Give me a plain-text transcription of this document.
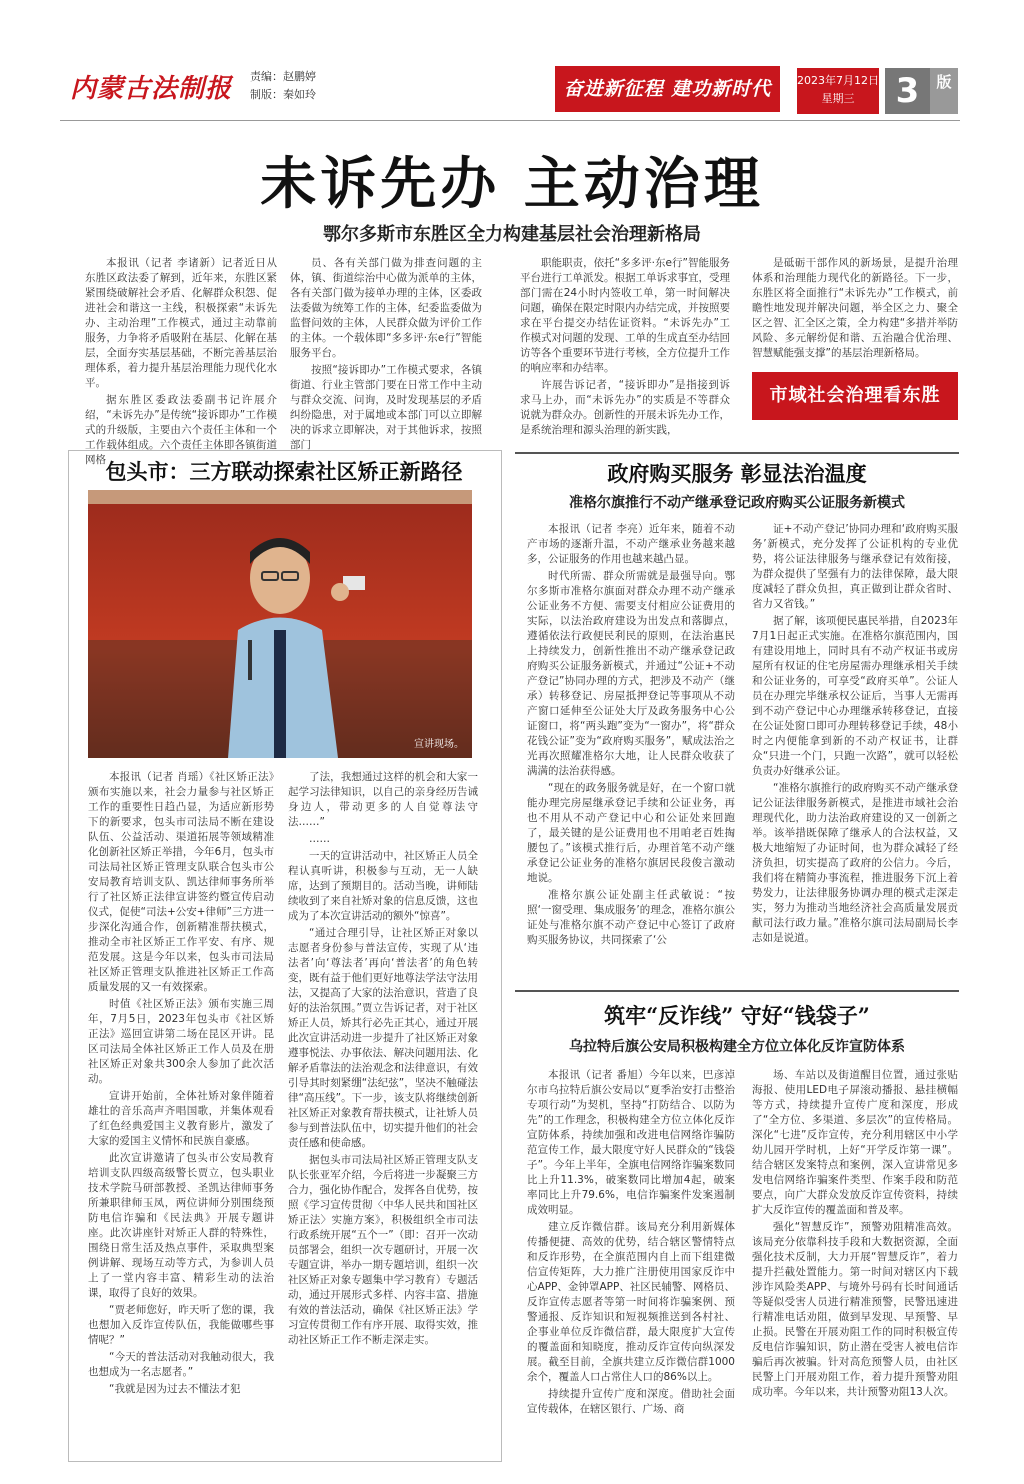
内蒙古法制报	责编：赵鹏婷
制版：秦如玲	奋进新征程 建功新时代	2023年7月12日
星期三	3	版
未诉先办 主动治理
鄂尔多斯市东胜区全力构建基层社会治理新格局

本报讯（记者 李诸新）记者近日从东胜区政法委了解到，近年来，东胜区紧紧围绕破解社会矛盾、化解群众积怨、促进社会和谐这一主线，积极探索“未诉先办、主动治理”工作模式，通过主动靠前服务，力争将矛盾吸附在基层、化解在基层，全面夯实基层基础，不断完善基层治理体系，着力提升基层治理能力现代化水平。

据东胜区委政法委副书记许展介绍，“未诉先办”是传统“接诉即办”工作模式的升级版，主要由六个责任主体和一个工作载体组成。六个责任主体即各镇街道网格

员、各有关部门做为排查问题的主体，镇、街道综治中心做为派单的主体，各有关部门做为接单办理的主体，区委政法委做为统筹工作的主体，纪委监委做为监督问效的主体，人民群众做为评价工作的主体。一个载体即“多多评·东e行”智能服务平台。

按照“接诉即办”工作模式要求，各镇街道、行业主管部门要在日常工作中主动与群众交流、问询，及时发现基层的矛盾纠纷隐患，对于属地或本部门可以立即解决的诉求立即解决，对于其他诉求，按照部门

职能职责，依托“多多评·东e行”智能服务平台进行工单派发。根据工单诉求事宜，受理部门需在24小时内签收工单，第一时间解决问题，确保在限定时限内办结完成，并按照要求在平台提交办结佐证资料。“未诉先办”工作模式对问题的发现、工单的生成直至办结回访等各个重要环节进行考核，全方位提升工作的响应率和办结率。

许展告诉记者，“接诉即办”是指接到诉求马上办，而“未诉先办”的实质是不等群众说就为群众办。创新性的开展未诉先办工作，是系统治理和源头治理的新实践，

是砥砺干部作风的新场景，是提升治理体系和治理能力现代化的新路径。下一步，东胜区将全面推行“未诉先办”工作模式，前瞻性地发现并解决问题，举全区之力、聚全区之智、汇全区之策，全力构建“多措并举防风险、多元解纷促和谐、五治融合优治理、智慧赋能强支撑”的基层治理新格局。

市域社会治理看东胜
包头市：三方联动探索社区矫正新路径
宣讲现场。

本报讯（记者 肖瑶）《社区矫正法》颁布实施以来，社会力量参与社区矫正工作的重要性日趋凸显，为适应新形势下的新要求，包头市司法局不断在建设队伍、公益活动、渠道拓展等领域精准化创新社区矫正举措，今年6月，包头市司法局社区矫正管理支队联合包头市公安局教育培训支队、凯达律师事务所举行了社区矫正法律宣讲签约暨宣传启动仪式，促使“司法+公安+律师”三方进一步深化沟通合作，创新精准帮扶模式，推动全市社区矫正工作平安、有序、规范发展。这是今年以来，包头市司法局社区矫正管理支队推进社区矫正工作高质量发展的又一有效探索。

时值《社区矫正法》颁布实施三周年，7月5日，2023年包头市《社区矫正法》巡回宣讲第二场在昆区开讲。昆区司法局全体社区矫正工作人员及在册社区矫正对象共300余人参加了此次活动。

宣讲开始前，全体社矫对象伴随着雄壮的音乐高声齐唱国歌，并集体观看了红色经典爱国主义教育影片，激发了大家的爱国主义情怀和民族自豪感。

此次宣讲邀请了包头市公安局教育培训支队四级高级警长贾立，包头职业技术学院马研部教授、圣凯达律师事务所兼职律师玉凤，两位讲师分别围绕预防电信诈骗和《民法典》开展专题讲座。此次讲座针对矫正人群的特殊性，围绕日常生活及热点事件，采取典型案例讲解、现场互动等方式，为参训人员上了一堂内容丰富、精彩生动的法治课，取得了良好的效果。

“贾老师您好，昨天听了您的课，我也想加入反诈宣传队伍，我能做哪些事情呢？”

“今天的普法活动对我触动很大，我也想成为一名志愿者。”

“我就是因为过去不懂法才犯

了法，我想通过这样的机会和大家一起学习法律知识，以自己的亲身经历告诫身边人，带动更多的人自觉尊法守法……”

……

一天的宣讲活动中，社区矫正人员全程认真听讲，积极参与互动，无一人缺席，达到了预期目的。活动当晚，讲师陆续收到了来自社矫对象的信息反馈，这也成为了本次宣讲活动的额外“惊喜”。

“通过合理引导，让社区矫正对象以志愿者身份参与普法宣传，实现了从‘违法者’向‘尊法者’再向‘普法者’的角色转变，既有益于他们更好地尊法学法守法用法，又提高了大家的法治意识，营造了良好的法治氛围。”贾立告诉记者，对于社区矫正人员，矫其行必先正其心，通过开展此次宣讲活动进一步提升了社区矫正对象遵事悦法、办事依法、解决问题用法、化解矛盾靠法的法治观念和法律意识，有效引导其时刻紧绷“法纪弦”，坚决不触碰法律“高压线”。下一步，该支队将继续创新社区矫正对象教育帮扶模式，让社矫人员参与到普法队伍中，切实提升他们的社会责任感和使命感。

据包头市司法局社区矫正管理支队支队长张亚军介绍，今后将进一步凝聚三方合力，强化协作配合，发挥各自优势，按照《学习宣传贯彻〈中华人民共和国社区矫正法〉实施方案》，积极组织全市司法行政系统开展“五个一”（即：召开一次动员部署会，组织一次专题研讨，开展一次专题宣讲，举办一期专题培训，组织一次社区矫正对象专题集中学习教育）专题活动，通过开展形式多样、内容丰富、措施有效的普法活动，确保《社区矫正法》学习宣传贯彻工作有序开展、取得实效，推动社区矫正工作不断走深走实。

政府购买服务 彰显法治温度
准格尔旗推行不动产继承登记政府购买公证服务新模式

本报讯（记者 李亮）近年来，随着不动产市场的逐渐升温，不动产继承业务越来越多，公证服务的作用也越来越凸显。

时代所需、群众所需就是最强导向。鄂尔多斯市准格尔旗面对群众办理不动产继承公证业务不方便、需要支付相应公证费用的实际，以法治政府建设为出发点和落脚点，遵循依法行政便民利民的原则，在法治惠民上持续发力，创新性推出不动产继承登记政府购买公证服务新模式，并通过“公证+不动产登记”协同办理的方式，把涉及不动产（继承）转移登记、房屋抵押登记等事项从不动产窗口延伸至公证处大厅及政务服务中心公证窗口，将“两头跑”变为“一窗办”，将“群众花钱公证”变为“政府购买服务”，赋成法治之光再次照耀准格尔大地，让人民群众收获了满满的法治获得感。

“现在的政务服务就是好，在一个窗口就能办理完房屋继承登记手续和公证业务，再也不用从不动产登记中心和公证处来回跑了，最关键的是公证费用也不用咱老百姓掏腰包了。”该模式推行后，办理首笔不动产继承登记公证业务的准格尔旗居民段俊言激动地说。

准格尔旗公证处副主任武敏说：“按照‘一窗受理、集成服务’的理念，准格尔旗公证处与准格尔旗不动产登记中心签订了政府购买服务协议，共同探索了‘公

证+不动产登记’协同办理和‘政府购买服务’新模式，充分发挥了公证机构的专业优势，将公证法律服务与继承登记有效衔接，为群众提供了坚强有力的法律保障，最大限度减轻了群众负担，真正做到让群众省时、省力又省钱。”

据了解，该项便民惠民举措，自2023年7月1日起正式实施。在准格尔旗范围内，国有建设用地上，同时具有不动产权证书或房屋所有权证的住宅房屋需办理继承相关手续和公证业务的，可享受“政府买单”。公证人员在办理完毕继承权公证后，当事人无需再到不动产登记中心办理继承转移登记，直接在公证处窗口即可办理转移登记手续，48小时之内便能拿到新的不动产权证书，让群众“只进一个门，只跑一次路”，就可以轻松负责办好继承公证。

“准格尔旗推行的政府购买不动产继承登记公证法律服务新模式，是推进市域社会治理现代化，助力法治政府建设的又一创新之举。该举措既保障了继承人的合法权益，又极大地缩短了办证时间，也为群众减轻了经济负担，切实提高了政府的公信力。今后，我们将在精简办事流程，推进服务下沉上着势发力，让法律服务协调办理的模式走深走实，努力为推动当地经济社会高质量发展贡献司法行政力量。”准格尔旗司法局副局长李志如是说道。

筑牢“反诈线” 守好“钱袋子”
乌拉特后旗公安局积极构建全方位立体化反诈宣防体系

本报讯（记者 番旭）今年以来，巴彦淖尔市乌拉特后旗公安局以“夏季治安打击整治专项行动”为契机，坚持“打防结合、以防为先”的工作理念，积极构建全方位立体化反诈宣防体系，持续加强和改进电信网络诈骗防范宣传工作，最大限度守好人民群众的“钱袋子”。今年上半年，全旗电信网络诈骗案数同比上升11.3%，破案数同比增加4起，破案率同比上升79.6%，电信诈骗案件发案遏制成效明显。

建立反诈微信群。该局充分利用新媒体传播便捷、高效的优势，结合辖区警情特点和反诈形势，在全旗范围内自上而下组建微信宣传矩阵，大力推广注册使用国家反诈中心APP、金钟罩APP、社区民辅警、网格员、反诈宣传志愿者等第一时间将诈骗案例、预警通报、反诈知识和短视频推送到各村社、企事业单位反诈微信群，最大限度扩大宣传的覆盖面和知晓度，推动反诈宣传向纵深发展。截至目前，全旗共建立反诈微信群1000余个，覆盖人口占常住人口的86%以上。

持续提升宣传广度和深度。借助社会面宣传载体，在辖区银行、广场、商

场、车站以及街道醒目位置，通过张贴海报、使用LED电子屏滚动播报、悬挂横幅等方式，持续提升宣传广度和深度，形成了“全方位、多渠道、多层次”的宣传格局。深化“七进”反诈宣传，充分利用辖区中小学幼儿园开学时机，上好“开学反诈第一课”。结合辖区发案特点和案例，深入宣讲常见多发电信网络诈骗案件类型、作案手段和防范要点，向广大群众发放反诈宣传资料，持续扩大反诈宣传的覆盖面和普及率。

强化“智慧反诈”，预警劝阻精准高效。该局充分依靠科技手段和大数据资源，全面强化技术反制，大力开展“智慧反诈”，着力提升拦截处置能力。第一时间对辖区内下载涉诈风险类APP、与境外号码有长时间通话等疑似受害人员进行精准预警，民警迅速进行精准电话劝阻，做到早发现、早预警、早止损。民警在开展劝阻工作的同时积极宣传反电信诈骗知识，防止潜在受害人被电信诈骗后再次被骗。针对高危预警人员，由社区民警上门开展劝阻工作，着力提升预警劝阻成功率。今年以来，共计预警劝阻13人次。
